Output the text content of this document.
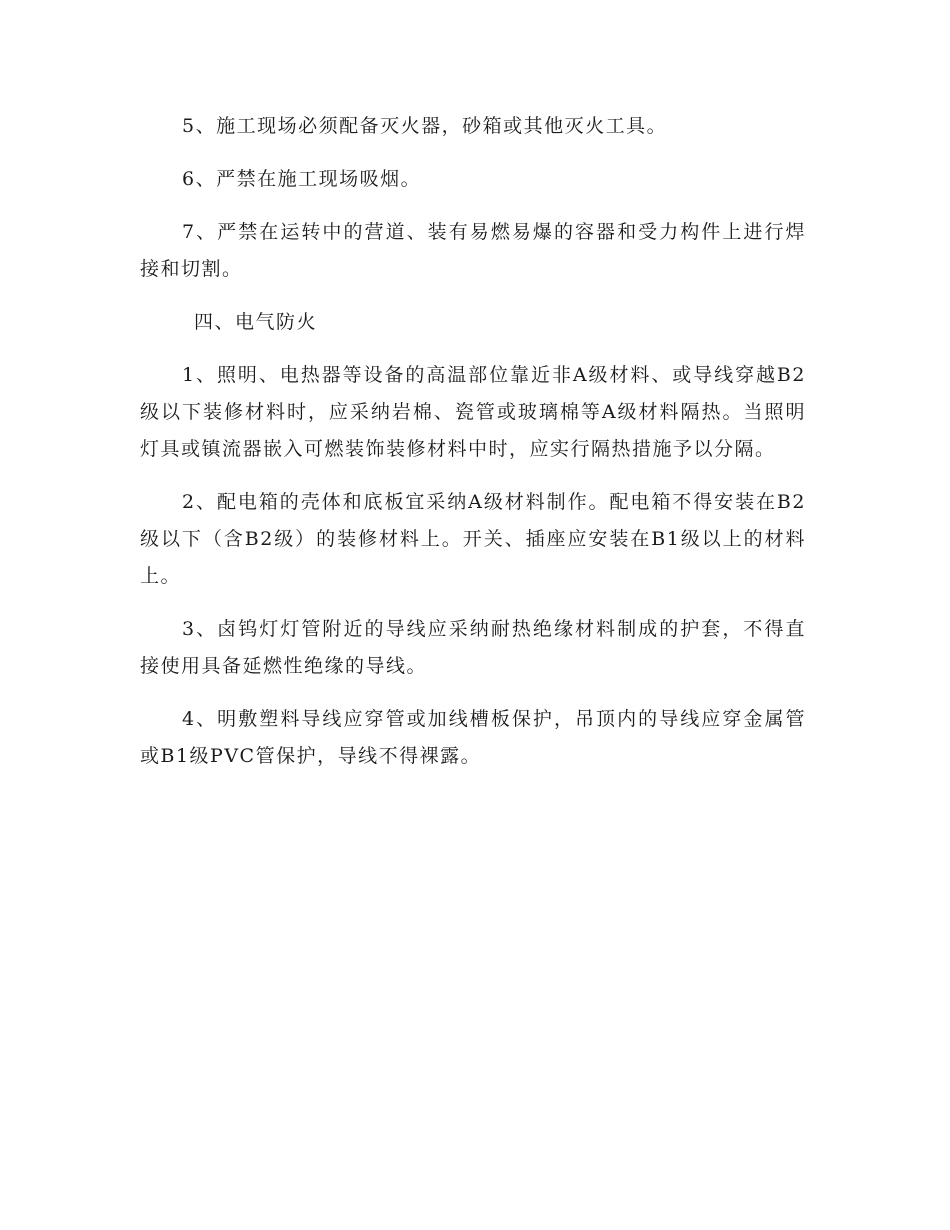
5、施工现场必须配备灭火器，砂箱或其他灭火工具。

6、严禁在施工现场吸烟。

7、严禁在运转中的营道、装有易燃易爆的容器和受力构件上进行焊接和切割。

四、电气防火

1、照明、电热器等设备的高温部位靠近非A级材料、或导线穿越B2级以下装修材料时，应采纳岩棉、瓷管或玻璃棉等A级材料隔热。当照明灯具或镇流器嵌入可燃装饰装修材料中时，应实行隔热措施予以分隔。

2、配电箱的壳体和底板宜采纳A级材料制作。配电箱不得安装在B2级以下（含B2级）的装修材料上。开关、插座应安装在B1级以上的材料上。

3、卤钨灯灯管附近的导线应采纳耐热绝缘材料制成的护套，不得直接使用具备延燃性绝缘的导线。

4、明敷塑料导线应穿管或加线槽板保护，吊顶内的导线应穿金属管或B1级PVC管保护，导线不得裸露。
